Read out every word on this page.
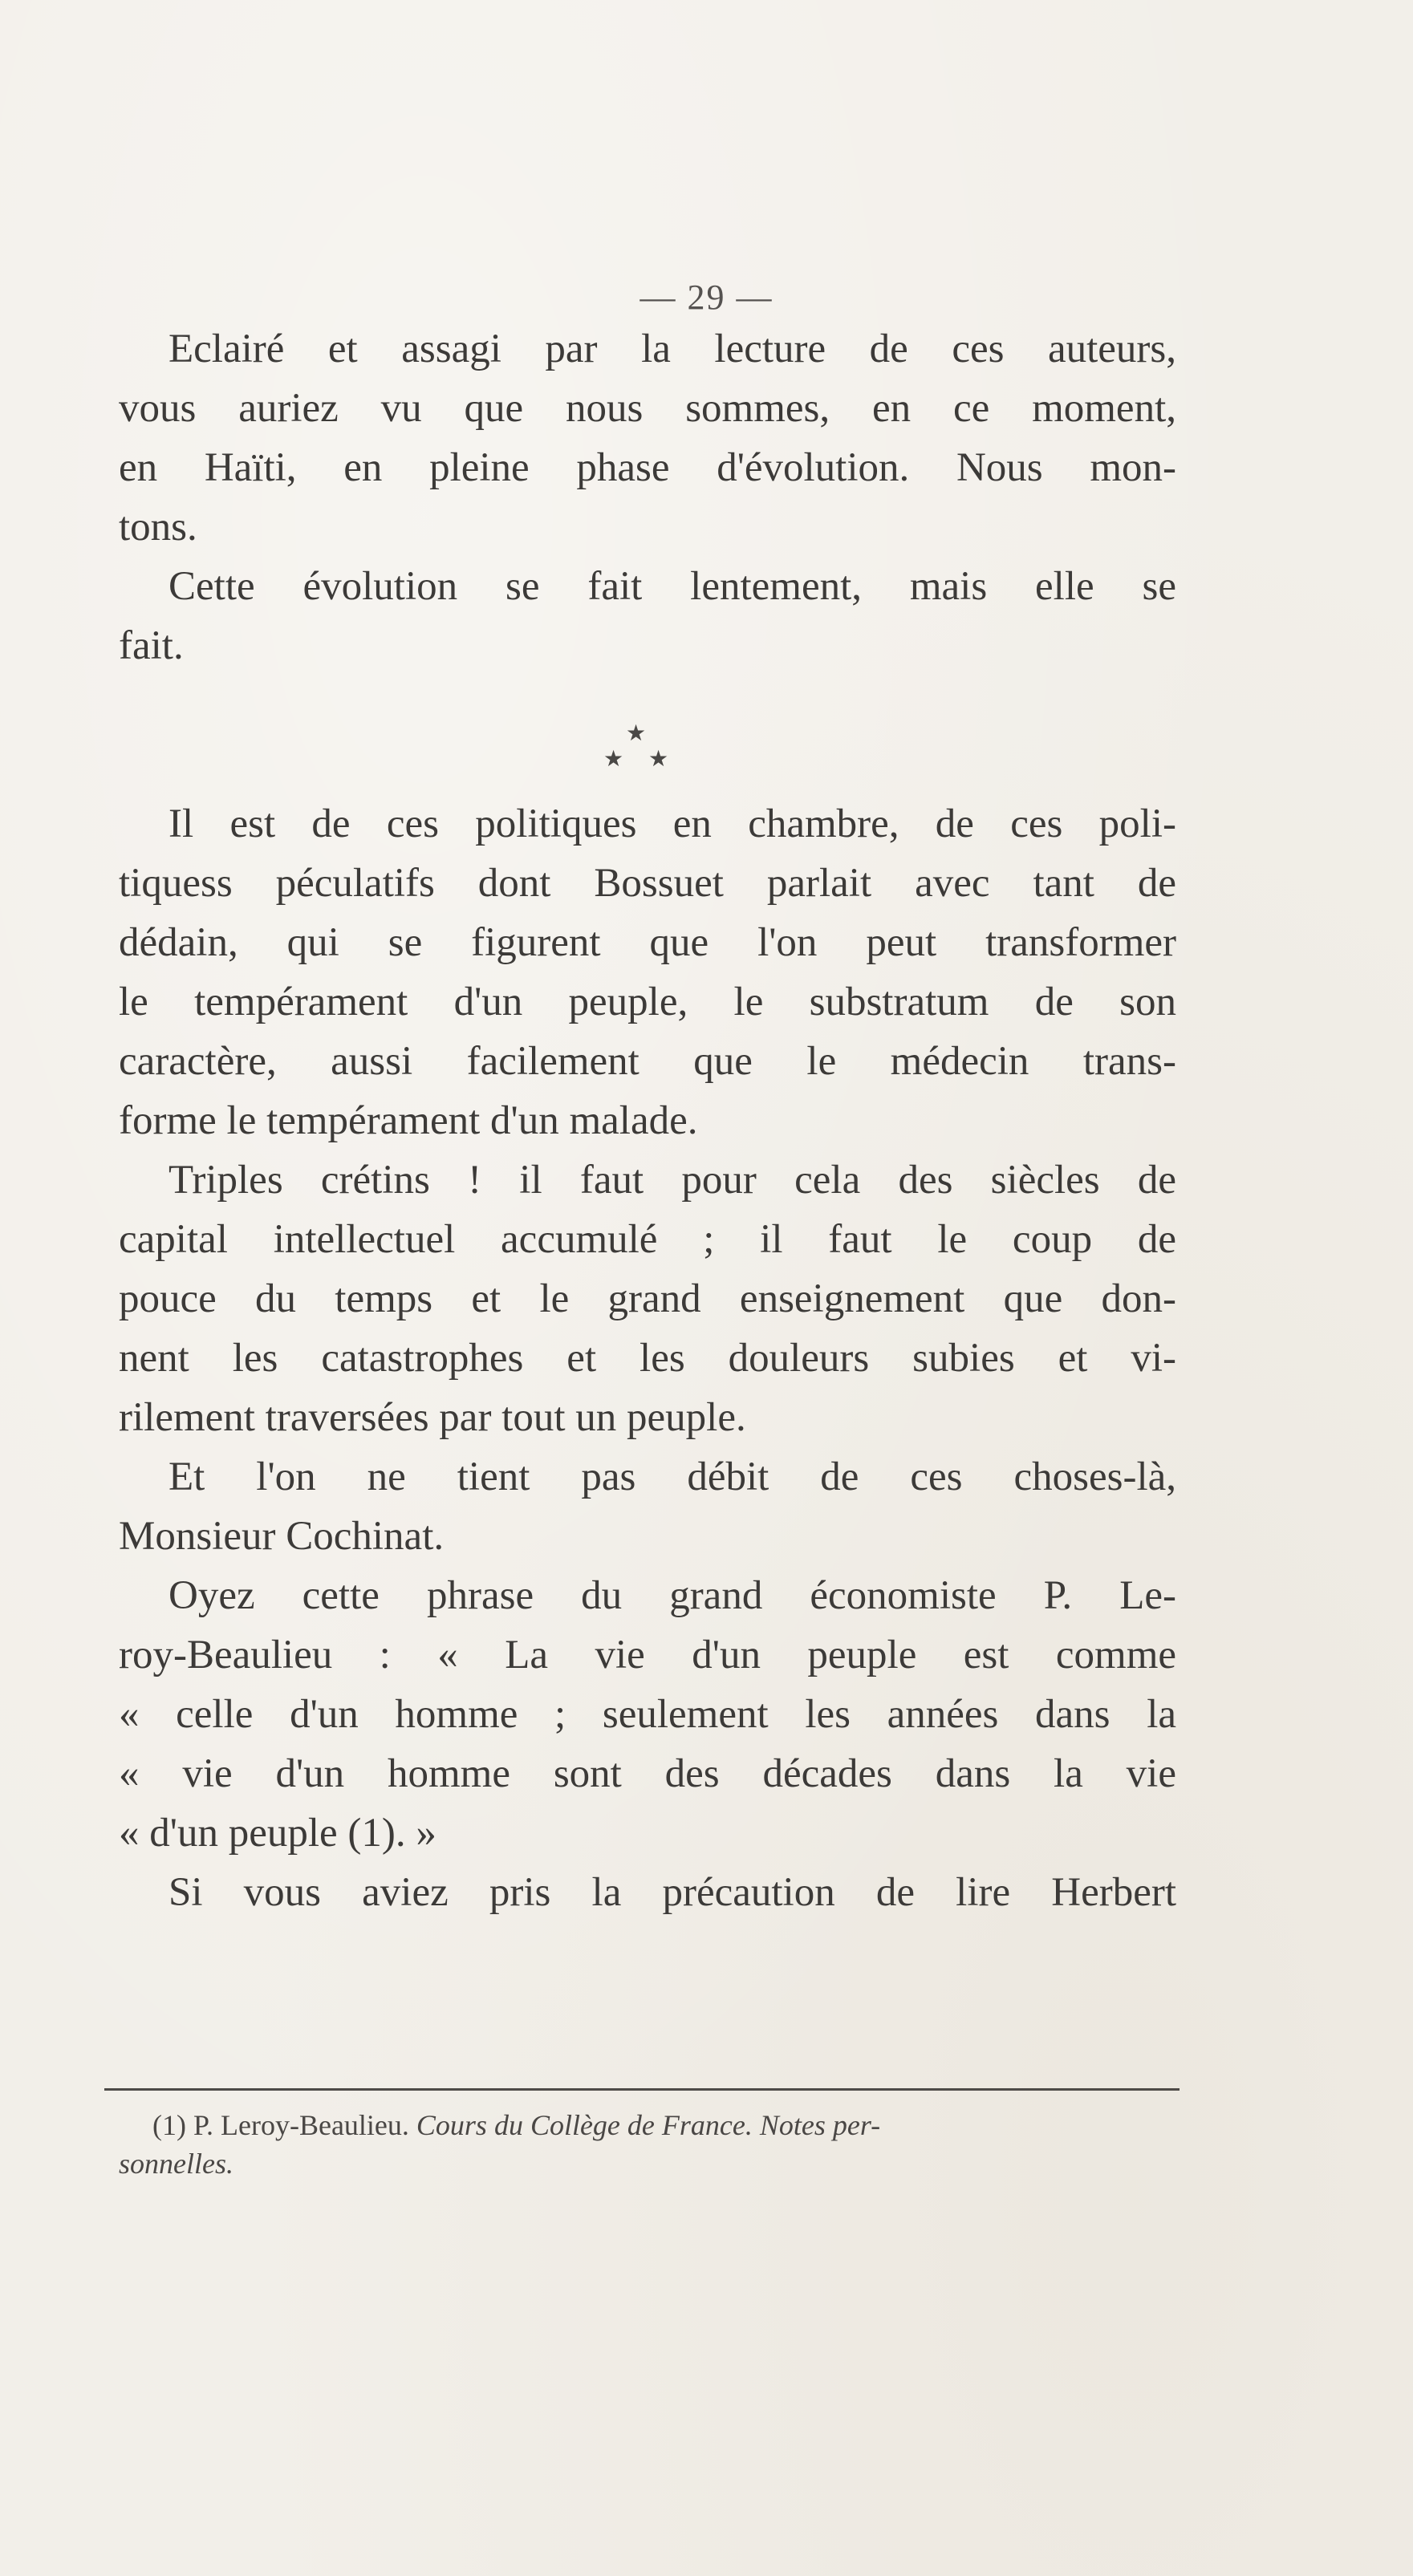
— 29 —
Eclairé et assagi par la lecture de ces auteurs,
vous auriez vu que nous sommes, en ce moment,
en Haïti, en pleine phase d'évolution. Nous mon-
tons.
Cette évolution se fait lentement, mais elle se
fait.
★
★ ★
Il est de ces politiques en chambre, de ces poli-
tiquess péculatifs dont Bossuet parlait avec tant de
dédain, qui se figurent que l'on peut transformer
le tempérament d'un peuple, le substratum de son
caractère, aussi facilement que le médecin trans-
forme le tempérament d'un malade.
Triples crétins ! il faut pour cela des siècles de
capital intellectuel accumulé ; il faut le coup de
pouce du temps et le grand enseignement que don-
nent les catastrophes et les douleurs subies et vi-
rilement traversées par tout un peuple.
Et l'on ne tient pas débit de ces choses-là,
Monsieur Cochinat.
Oyez cette phrase du grand économiste P. Le-
roy-Beaulieu : « La vie d'un peuple est comme
« celle d'un homme ; seulement les années dans la
« vie d'un homme sont des décades dans la vie
« d'un peuple (1). »
Si vous aviez pris la précaution de lire Herbert
(1) P. Leroy-Beaulieu. Cours du Collège de France. Notes per-
sonnelles.
